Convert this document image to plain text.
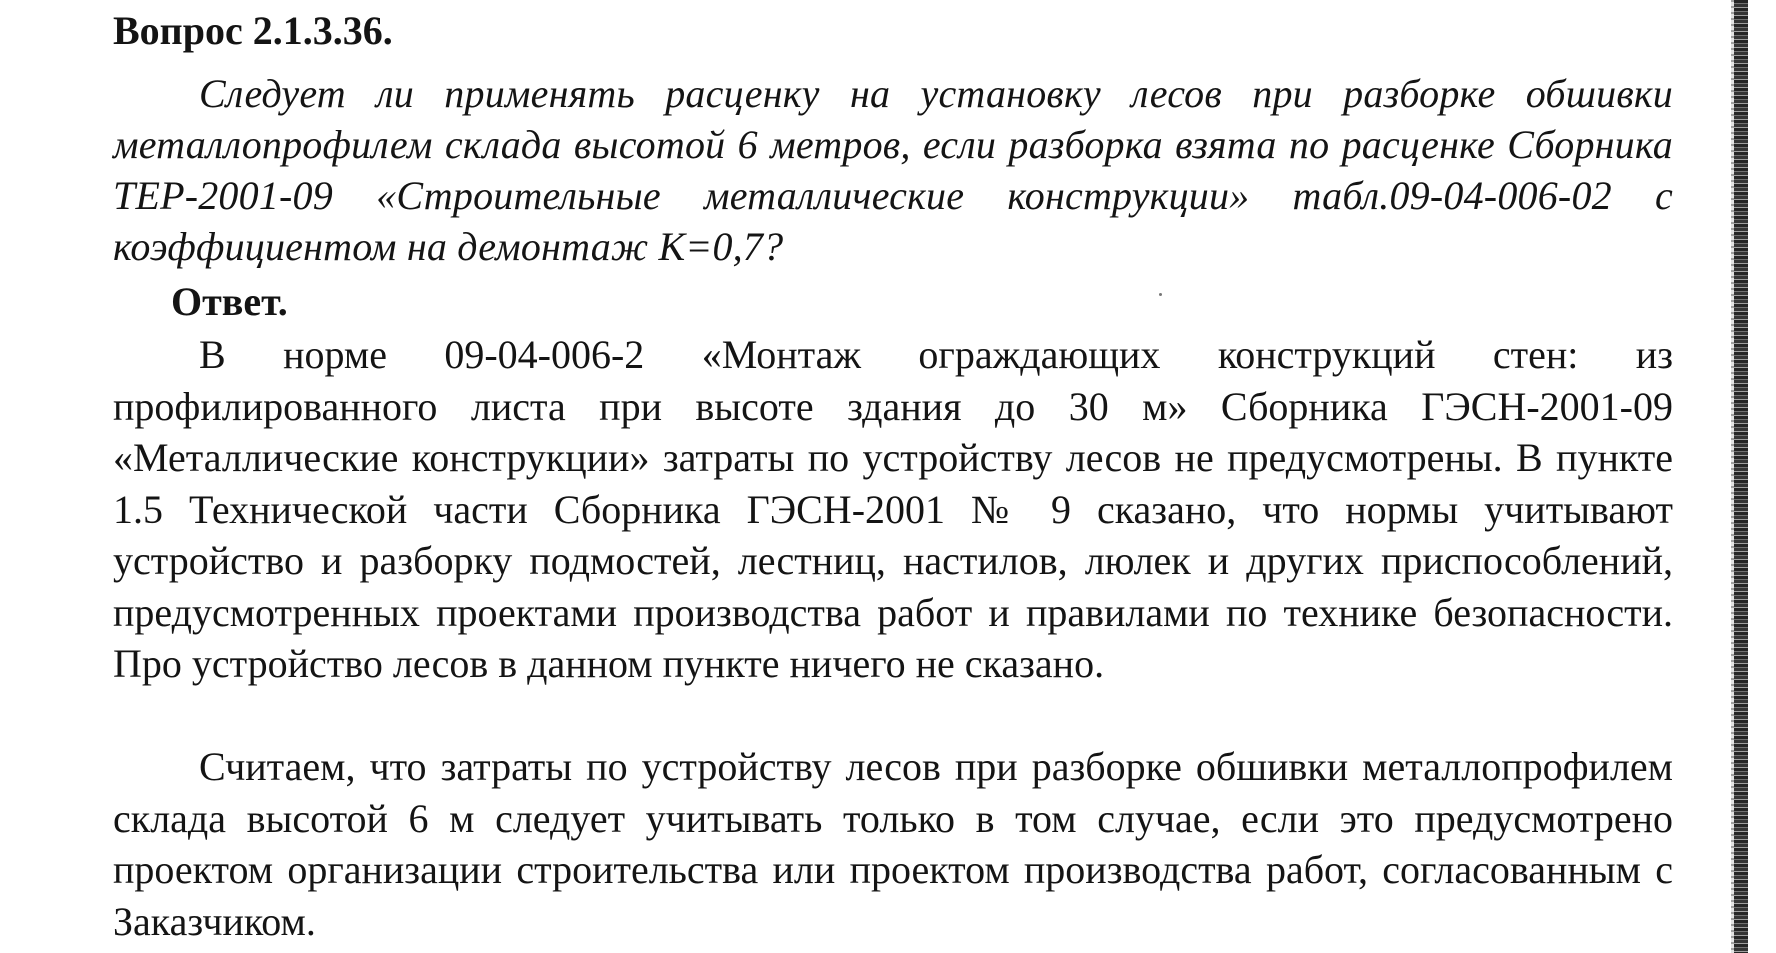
Вопрос 2.1.3.36.

Следует ли применять расценку на установку лесов при разборке обшивки металлопрофилем склада высотой 6 метров, если разборка взята по расценке Сборника ТЕР-2001-09 «Строительные металлические конструкции» табл.09-04-006-02 с коэффициентом на демонтаж К=0,7?

Ответ.

В норме 09-04-006-2 «Монтаж ограждающих конструкций стен: из профилированного листа при высоте здания до 30 м» Сборника ГЭСН-2001-09 «Металлические конструкции» затраты по устройству лесов не предусмотрены. В пункте 1.5 Технической части Сборника ГЭСН-2001 № 9 сказано, что нормы учитывают устройство и разборку подмостей, лестниц, настилов, люлек и других приспособлений, предусмотренных проектами производства работ и правилами по технике безопасности. Про устройство лесов в данном пункте ничего не сказано.

Считаем, что затраты по устройству лесов при разборке обшивки металлопрофилем склада высотой 6 м следует учитывать только в том случае, если это предусмотрено проектом организации строительства или проектом производства работ, согласованным с Заказчиком.
